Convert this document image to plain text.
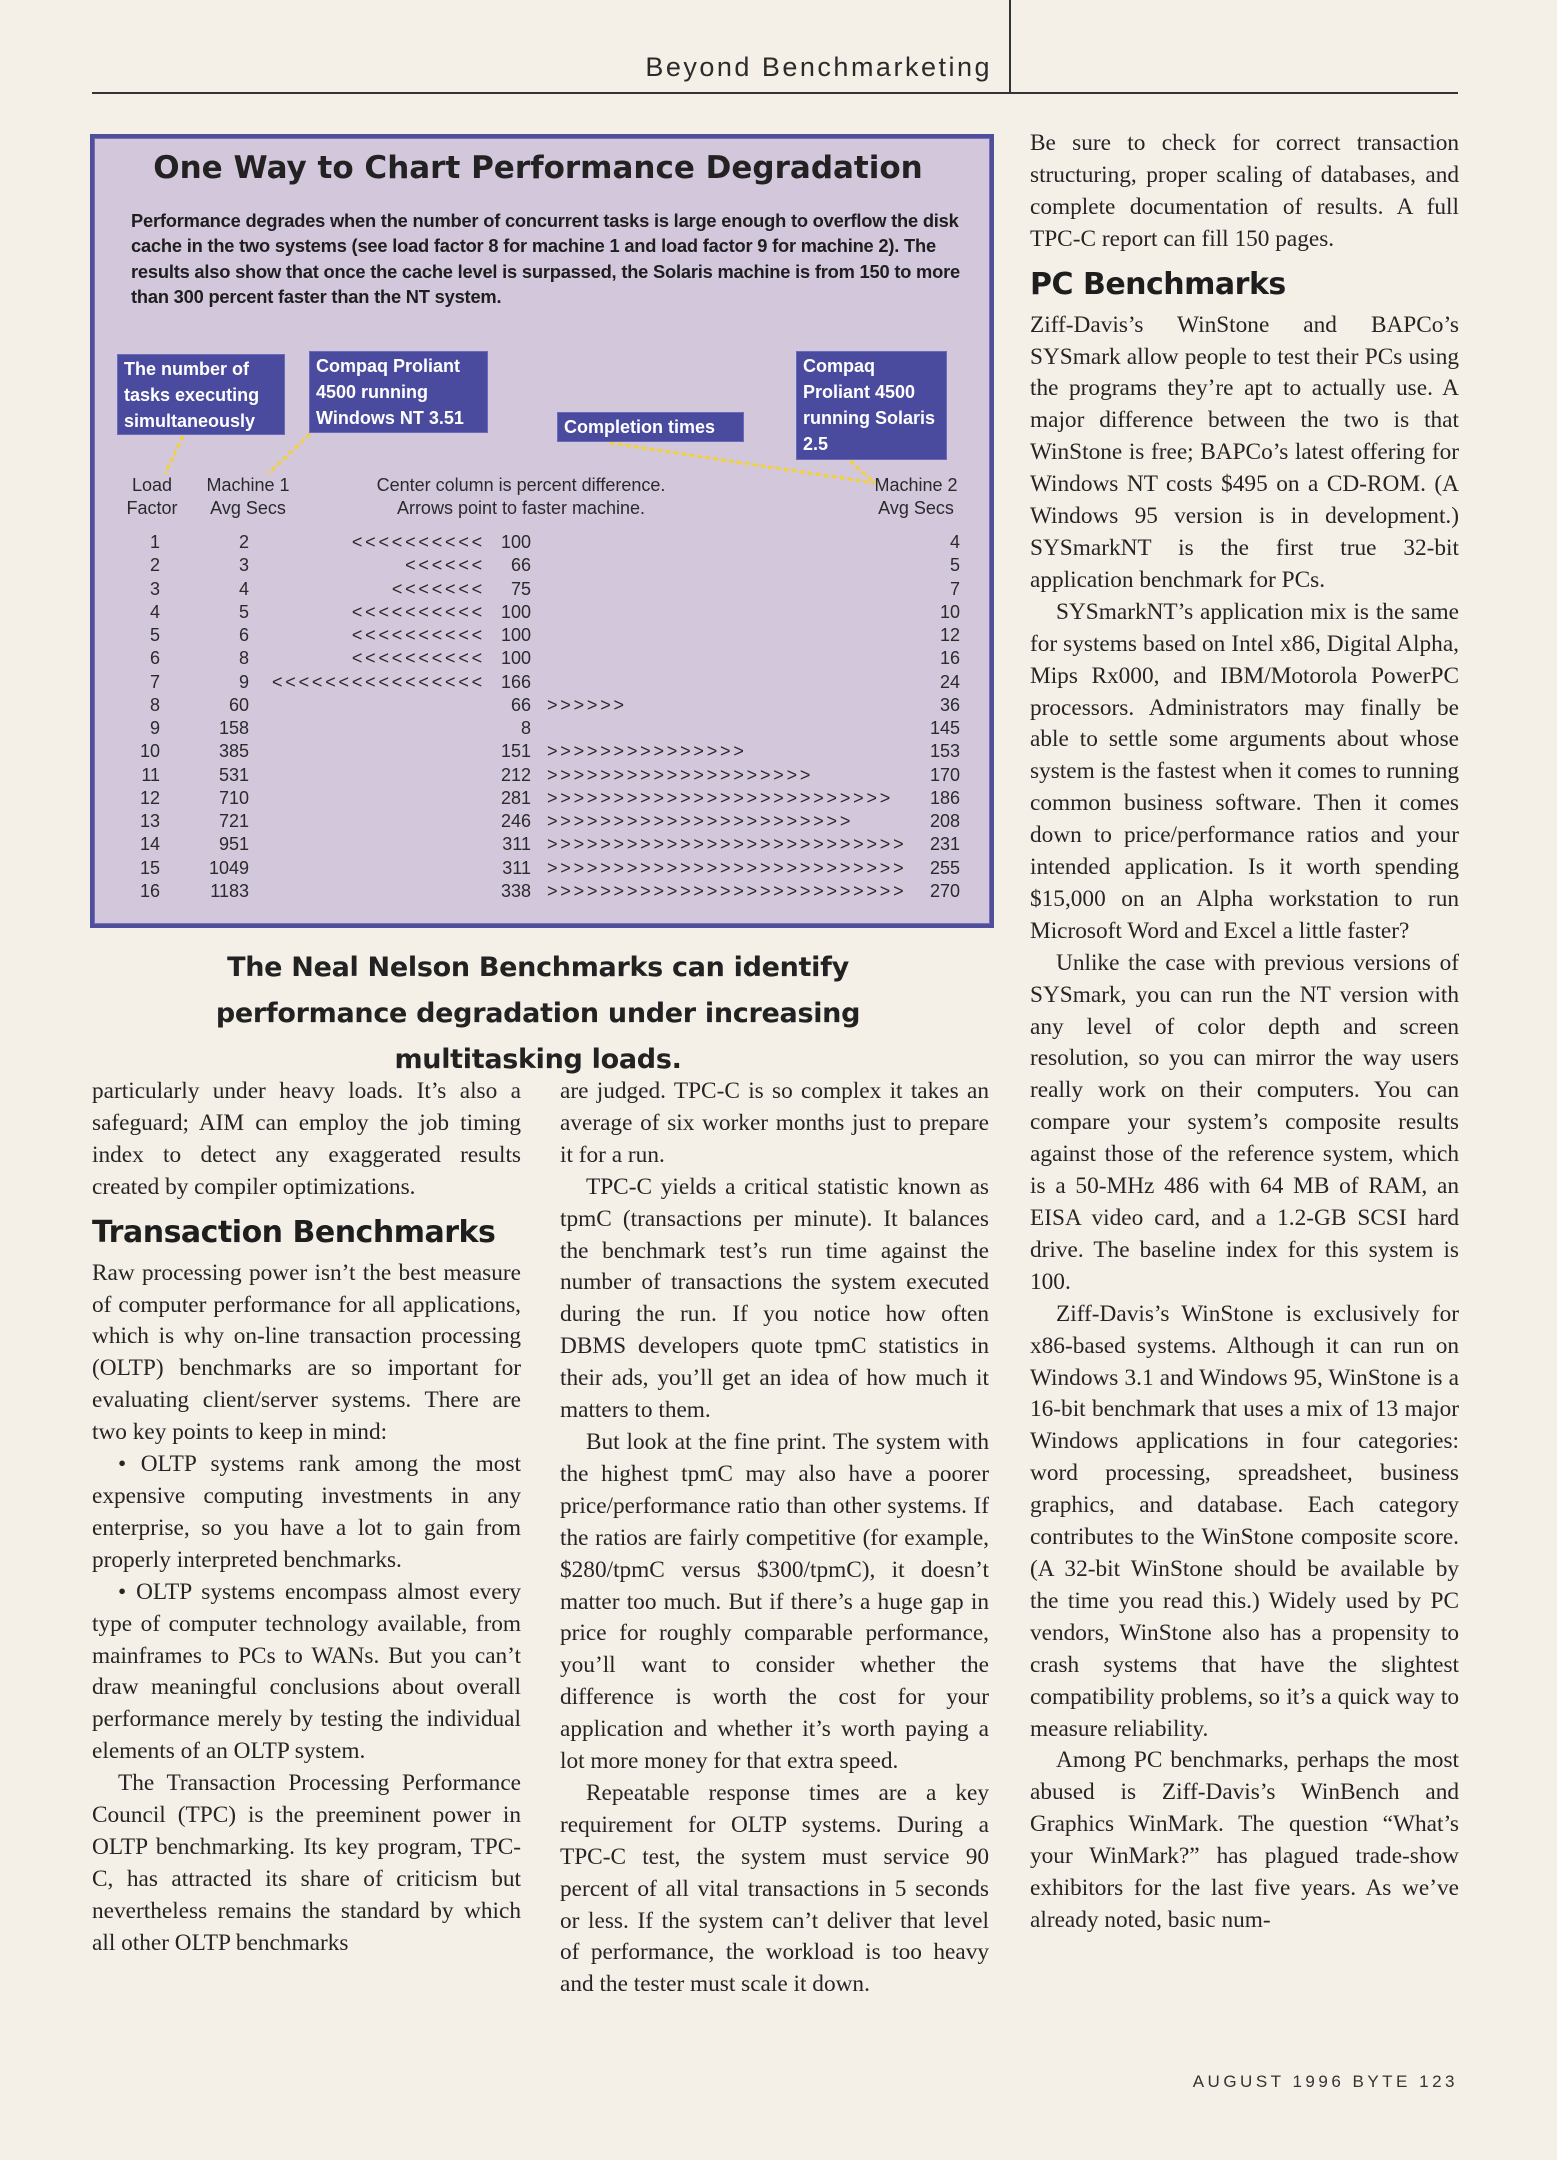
Beyond Benchmarketing
One Way to Chart Performance Degradation
Performance degrades when the number of concurrent tasks is large enough to overflow the disk cache in the two systems (see load factor 8 for machine 1 and load factor 9 for machine 2). The results also show that once the cache level is surpassed, the Solaris machine is from 150 to more than 300 percent faster than the NT system.
The number of tasks executing simultaneously
Compaq Proliant 4500 running Windows NT 3.51	Completion times
Compaq Proliant 4500 running Solaris 2.5
Load Factor
Machine 1 Avg Secs
Center column is percent difference.
Arrows point to faster machine.
Machine 2 Avg Secs
1	2	<<<<<<<<<< 100	4
2	3	<<<<<<	66	5
3	4	<<<<<<<	75	7
4	5	<<<<<<<<<< 100	10
5	6	<<<<<<<<<< 100	12
6	8	<<<<<<<<<< 100	16
7	9	<<<<<<<<<<<<<<<< 166	24
8	60	66 >>>>>>	36
9	158	8	145
10	385	151 >>>>>>>>>>>>>>>	153
11	531	212 >>>>>>>>>>>>>>>>>>>>	170
12	710	281 >>>>>>>>>>>>>>>>>>>>>>>>>>	186
13	721	246 >>>>>>>>>>>>>>>>>>>>>>>	208
14	951	311 >>>>>>>>>>>>>>>>>>>>>>>>>>>	231
15	1049	311 >>>>>>>>>>>>>>>>>>>>>>>>>>>	255
16	1183	338 >>>>>>>>>>>>>>>>>>>>>>>>>>>	270
The Neal Nelson Benchmarks can identify performance degradation under increasing multitasking loads.

particularly under heavy loads. It’s also a safeguard; AIM can employ the job timing index to detect any exaggerated results created by compiler optimizations.

Transaction Benchmarks

Raw processing power isn’t the best measure of computer performance for all applications, which is why on-line transaction processing (OLTP) benchmarks are so important for evaluating client/server systems. There are two key points to keep in mind:

• OLTP systems rank among the most expensive computing investments in any enterprise, so you have a lot to gain from properly interpreted benchmarks.

• OLTP systems encompass almost every type of computer technology available, from mainframes to PCs to WANs. But you can’t draw meaningful conclusions about overall performance merely by testing the individual elements of an OLTP system.

The Transaction Processing Performance Council (TPC) is the preeminent power in OLTP benchmarking. Its key program, TPC-C, has attracted its share of criticism but nevertheless remains the standard by which all other OLTP benchmarks

are judged. TPC-C is so complex it takes an average of six worker months just to prepare it for a run.

TPC-C yields a critical statistic known as tpmC (transactions per minute). It balances the benchmark test’s run time against the number of transactions the system executed during the run. If you notice how often DBMS developers quote tpmC statistics in their ads, you’ll get an idea of how much it matters to them.

But look at the fine print. The system with the highest tpmC may also have a poorer price/performance ratio than other systems. If the ratios are fairly competitive (for example, $280/tpmC versus $300/tpmC), it doesn’t matter too much. But if there’s a huge gap in price for roughly comparable performance, you’ll want to consider whether the difference is worth the cost for your application and whether it’s worth paying a lot more money for that extra speed.

Repeatable response times are a key requirement for OLTP systems. During a TPC-C test, the system must service 90 percent of all vital transactions in 5 seconds or less. If the system can’t deliver that level of performance, the workload is too heavy and the tester must scale it down.

Be sure to check for correct transaction structuring, proper scaling of databases, and complete documentation of results. A full TPC-C report can fill 150 pages.

PC Benchmarks

Ziff-Davis’s WinStone and BAPCo’s SYSmark allow people to test their PCs using the programs they’re apt to actually use. A major difference between the two is that WinStone is free; BAPCo’s latest offering for Windows NT costs $495 on a CD-ROM. (A Windows 95 version is in development.) SYSmarkNT is the first true 32-bit application benchmark for PCs.

SYSmarkNT’s application mix is the same for systems based on Intel x86, Digital Alpha, Mips Rx000, and IBM/Motorola PowerPC processors. Administrators may finally be able to settle some arguments about whose system is the fastest when it comes to running common business software. Then it comes down to price/performance ratios and your intended application. Is it worth spending $15,000 on an Alpha workstation to run Microsoft Word and Excel a little faster?

Unlike the case with previous versions of SYSmark, you can run the NT version with any level of color depth and screen resolution, so you can mirror the way users really work on their computers. You can compare your system’s composite results against those of the reference system, which is a 50-MHz 486 with 64 MB of RAM, an EISA video card, and a 1.2-GB SCSI hard drive. The baseline index for this system is 100.

Ziff-Davis’s WinStone is exclusively for x86-based systems. Although it can run on Windows 3.1 and Windows 95, WinStone is a 16-bit benchmark that uses a mix of 13 major Windows applications in four categories: word processing, spreadsheet, business graphics, and database. Each category contributes to the WinStone composite score. (A 32-bit WinStone should be available by the time you read this.) Widely used by PC vendors, WinStone also has a propensity to crash systems that have the slightest compatibility problems, so it’s a quick way to measure reliability.

Among PC benchmarks, perhaps the most abused is Ziff-Davis’s WinBench and Graphics WinMark. The question “What’s your WinMark?” has plagued trade-show exhibitors for the last five years. As we’ve already noted, basic num-

AUGUST 1996 BYTE 123
